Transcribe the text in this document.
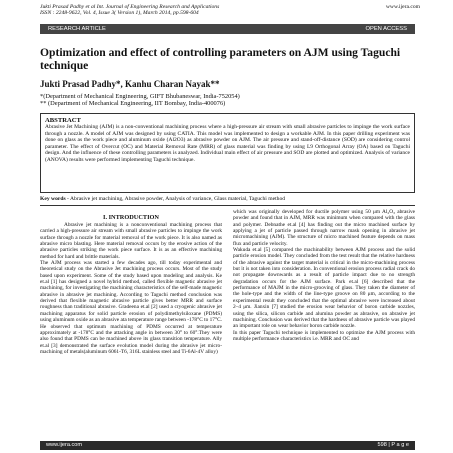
Jukti Prasad Padhy et al Int. Journal of Engineering Research and Applications	www.ijera.com
ISSN : 2248-9622, Vol. 4, Issue 3( Version 1), March 2014, pp.598-604
RESEARCH ARTICLE	OPEN ACCESS
Optimization and effect of controlling parameters on AJM using Taguchi technique
Jukti Prasad Padhy*, Kanhu Charan Nayak**
*(Department of Mechanical Engineering, GIFT Bhubaneswar, India-752054)
** (Department of Mechanical Engineering, IIT Bombay, India-400076)
ABSTRACT

Abrasive Jet Machining (AJM) is a non-conventional machining process where a high-pressure air stream with small abrasive particles to impinge the work surface through a nozzle. A model of AJM was designed by using CATIA. This model was implemented to design a workable AJM. In this paper drilling experiment was done on glass as the work piece and aluminum oxide (Al2O3) as abrasive powder on AJM. The air pressure and stand-off-distance (SOD) are considering control parameter. The effect of Overcut (OC) and Material Removal Rate (MRR) of glass material was finding by using L9 Orthogonal Array (OA) based on Taguchi design. And the influence of these controlling parameters is analyzed. Individual main effect of air pressure and SOD are plotted and optimized. Analysis of variance (ANOVA) results were performed implementing Taguchi technique.

Key words - Abrasive jet machining, Abrasive powder, Analysis of variance, Glass material, Taguchi method
I. INTRODUCTION

Abrasive jet machining is a nonconventional machining process that carried a high-pressure air stream with small abrasive particles to impinge the work surface through a nozzle for material removal of the work piece. It is also named as abrasive micro blasting. Here material removal occurs by the erosive action of the abrasive particles striking the work piece surface. It is as an effective machining method for hard and brittle materials.

The AJM process was started a few decades ago, till today experimental and theoretical study on the Abrasive Jet machining process occurs. Most of the study based upon experiment. Some of the study based upon modeling and analysis. Ke et.al [1] has designed a novel hybrid method, called flexible magnetic abrasive jet machining, for investigating the machining characteristics of the self-made magnetic abrasive in abrasive jet machining. According to Taguchi method conclusion was derived that flexible magnetic abrasive particle gives better MRR and surface roughness than traditional abrasive. Gradeena et.al [2] used a cryogenic abrasive jet machining apparatus for solid particle erosion of polydimethylsiloxane (PDMS) using aluminum oxide as an abrasive ata temperature range between -178°C to 17°C. He observed that optimum machining of PDMS occurred at temperature approximately at -178°C and the attacking angle in between 30° to 60°.They were also found that PDMS can be machined above its glass transition temperature. Ally et.al [3] demonstrated the surface evolution model during the abrasive jet micro-machining of metals(aluminum 6061-T6, 316L stainless steel and Ti-6Al-4V alloy)

which was originally developed for ductile polymer using 50 μm Al₂O₃ abrasive powder and found that in AJM, MRR was minimum when compared with the glass and polymer. Debnathe et.al [4] has finding out the micro machined surface by applying a jet of particle passed through narrow mask opening in abrasive jet micromachining (AJM). The structure of micro machined feature depends on mass flux and particle velocity.

Wakuda et.al [5] compared the machinability between AJM process and the solid particle erosion model. They concluded from the test result that the relative hardness of the abrasive against the target material is critical in the micro-machining process but it is not taken into consideration. In conventional erosion process radial crack do not propagate downwards as a result of particle impact due to no strength degradation occurs for the AJM surface. Park et.al [6] described that the performance of MAJM in the micro-grooving of glass. They taken the diameter of the hole-type and the width of the line-type groove on 80 μm, according to the experimental result they concluded that the optimal abrasive were increased about 2–4 μm. Jianxin [7] studied the erosion wear behavior of boron carbide nozzles, using the silica, silicon carbide and alumina powder as abrasive, on abrasive jet machining. Conclusion was derived that the hardness of abrasive particle was played an important role on wear behavior boron carbide nozzle.

In this paper Taguchi technique is implemented to optimize the AJM process with multiple performance characteristics i.e. MRR and OC and

www.ijera.com	598 | P a g e
